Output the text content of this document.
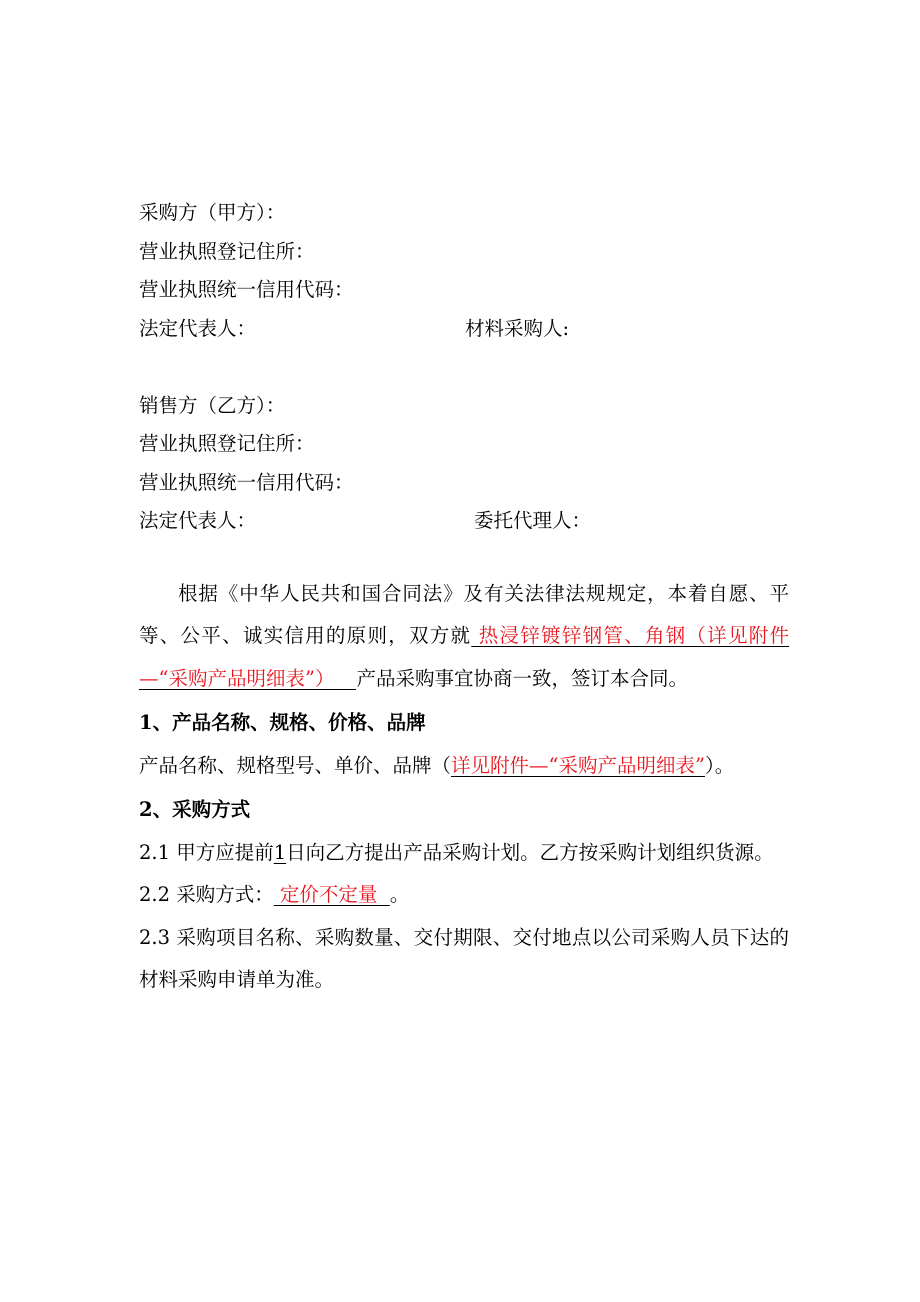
采购方（甲方）：
营业执照登记住所：
营业执照统一信用代码：
法定代表人：	材料采购人:
销售方（乙方）：
营业执照登记住所：
营业执照统一信用代码：
法定代表人：	委托代理人：
根据《中华人民共和国合同法》及有关法律法规规定，本着自愿、平等、公平、诚实信用的原则，双方就 热浸锌镀锌钢管、角钢（详见附件—“采购产品明细表”） 产品采购事宜协商一致，签订本合同。
1、产品名称、规格、价格、品牌
产品名称、规格型号、单价、品牌（详见附件—“采购产品明细表”）。
2、采购方式
2.1 甲方应提前1日向乙方提出产品采购计划。乙方按采购计划组织货源。
2.2 采购方式： 定价不定量  。
2.3 采购项目名称、采购数量、交付期限、交付地点以公司采购人员下达的材料采购申请单为准。
